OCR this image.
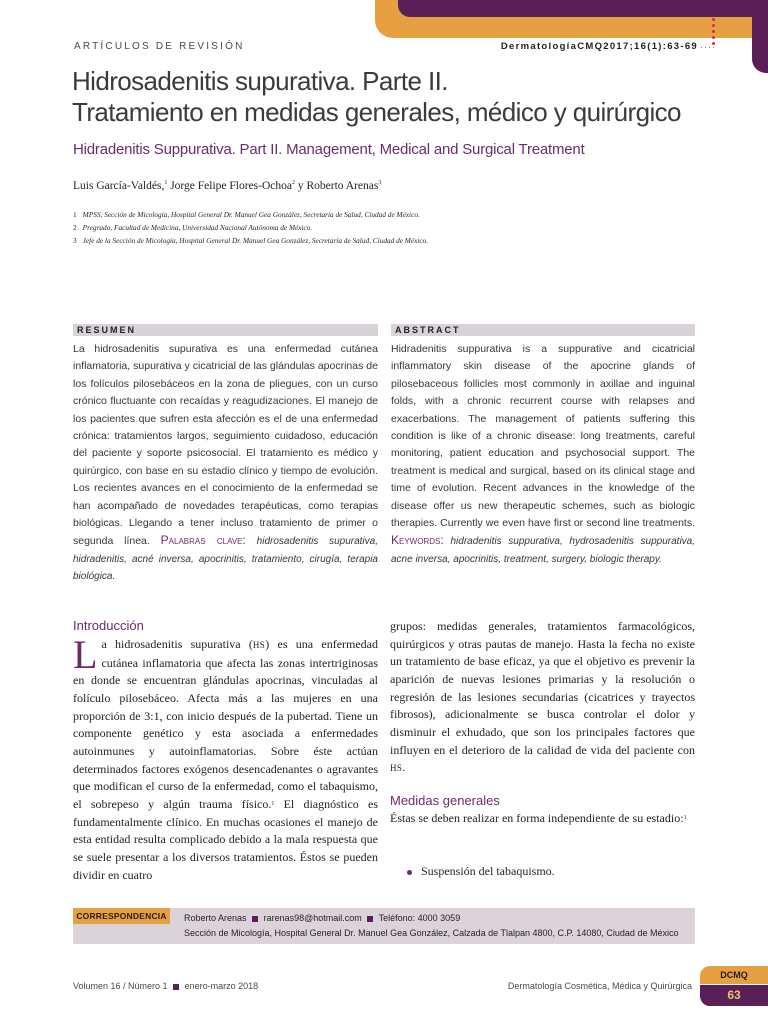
ARTÍCULOS DE REVISIÓN	DermatologíaCMQ2017;16(1):63-69 ····
Hidrosadenitis supurativa. Parte II.
Tratamiento en medidas generales, médico y quirúrgico
Hidradenitis Suppurativa. Part II. Management, Medical and Surgical Treatment
Luis García-Valdés,$^1$ Jorge Felipe Flores-Ochoa$^2$ y Roberto Arenas$^3$
1 MPSS, Sección de Micología, Hospital General Dr. Manuel Gea González, Secretaría de Salud, Ciudad de México.
2 Pregrado, Facultad de Medicina, Universidad Nacional Autónoma de México.
3 Jefe de la Sección de Micología, Hospital General Dr. Manuel Gea González, Secretaría de Salud, Ciudad de México.
RESUMEN
La hidrosadenitis supurativa es una enfermedad cutánea inflamatoria, supurativa y cicatricial de las glándulas apocrinas de los folículos pilosebáceos en la zona de pliegues, con un curso crónico fluctuante con recaídas y reagudizaciones. El manejo de los pacientes que sufren esta afección es el de una enfermedad crónica: tratamientos largos, seguimiento cuidadoso, educación del paciente y soporte psicosocial. El tratamiento es médico y quirúrgico, con base en su estadio clínico y tiempo de evolución. Los recientes avances en el conocimiento de la enfermedad se han acompañado de novedades terapéuticas, como terapias biológicas. Llegando a tener incluso tratamiento de primer o segunda línea. Palabras clave: hidrosadenitis supurativa, hidradenitis, acné inversa, apocrinitis, tratamiento, cirugía, terapia biológica.
ABSTRACT
Hidradenitis suppurativa is a suppurative and cicatricial inflammatory skin disease of the apocrine glands of pilosebaceous follicles most commonly in axillae and inguinal folds, with a chronic recurrent course with relapses and exacerbations. The management of patients suffering this condition is like of a chronic disease: long treatments, careful monitoring, patient education and psychosocial support. The treatment is medical and surgical, based on its clinical stage and time of evolution. Recent advances in the knowledge of the disease offer us new therapeutic schemes, such as biologic therapies. Currently we even have first or second line treatments. Keywords: hidradenitis suppurativa, hydrosadenitis suppurativa, acne inversa, apocrinitis, treatment, surgery, biologic therapy.
Introducción
La hidrosadenitis supurativa (HS) es una enfermedad cutánea inflamatoria que afecta las zonas intertriginosas en donde se encuentran glándulas apocrinas, vinculadas al folículo pilosebáceo. Afecta más a las mujeres en una proporción de 3:1, con inicio después de la pubertad. Tiene un componente genético y esta asociada a enfermedades autoinmunes y autoinflamatorias. Sobre éste actúan determinados factores exógenos desencadenantes o agravantes que modifican el curso de la enfermedad, como el tabaquismo, el sobrepeso y algún trauma físico.$^1$ El diagnóstico es fundamentalmente clínico. En muchas ocasiones el manejo de esta entidad resulta complicado debido a la mala respuesta que se suele presentar a los diversos tratamientos. Éstos se pueden dividir en cuatro
grupos: medidas generales, tratamientos farmacológicos, quirúrgicos y otras pautas de manejo. Hasta la fecha no existe un tratamiento de base eficaz, ya que el objetivo es prevenir la aparición de nuevas lesiones primarias y la resolución o regresión de las lesiones secundarias (cicatrices y trayectos fibrosos), adicionalmente se busca controlar el dolor y disminuir el exhudado, que son los principales factores que influyen en el deterioro de la calidad de vida del paciente con HS.
Medidas generales
Éstas se deben realizar en forma independiente de su estadio:$^1$
Suspensión del tabaquismo.
CORRESPONDENCIA	Roberto Arenas rarenas98@hotmail.com Teléfono: 4000 3059
Sección de Micología, Hospital General Dr. Manuel Gea González, Calzada de Tlalpan 4800, C.P. 14080, Ciudad de México
Volumen 16 / Número 1 enero-marzo 2018	Dermatología Cosmética, Médica y Quirúrgica
DCMQ
63
